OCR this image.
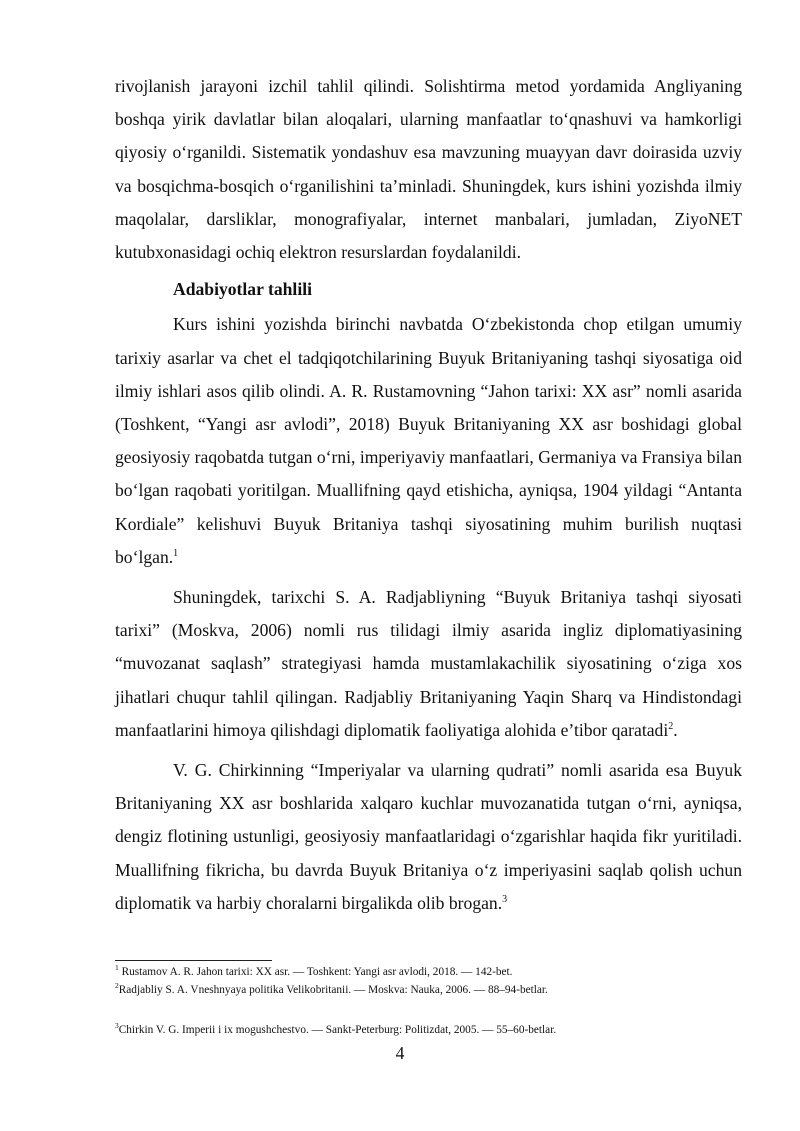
rivojlanish jarayoni izchil tahlil qilindi. Solishtirma metod yordamida Angliyaning boshqa yirik davlatlar bilan aloqalari, ularning manfaatlar to‘qnashuvi va hamkorligi qiyosiy o‘rganildi. Sistematik yondashuv esa mavzuning muayyan davr doirasida uzviy va bosqichma-bosqich o‘rganilishini ta’minladi. Shuningdek, kurs ishini yozishda ilmiy maqolalar, darsliklar, monografiyalar, internet manbalari, jumladan, ZiyoNET kutubxonasidagi ochiq elektron resurslardan foydalanildi.

Adabiyotlar tahlili

Kurs ishini yozishda birinchi navbatda O‘zbekistonda chop etilgan umumiy tarixiy asarlar va chet el tadqiqotchilarining Buyuk Britaniyaning tashqi siyosatiga oid ilmiy ishlari asos qilib olindi. A. R. Rustamovning “Jahon tarixi: XX asr” nomli asarida (Toshkent, “Yangi asr avlodi”, 2018) Buyuk Britaniyaning XX asr boshidagi global geosiyosiy raqobatda tutgan o‘rni, imperiyaviy manfaatlari, Germaniya va Fransiya bilan bo‘lgan raqobati yoritilgan. Muallifning qayd etishicha, ayniqsa, 1904 yildagi “Antanta Kordiale” kelishuvi Buyuk Britaniya tashqi siyosatining muhim burilish nuqtasi bo‘lgan.$^1$

Shuningdek, tarixchi S. A. Radjabliyning “Buyuk Britaniya tashqi siyosati tarixi” (Moskva, 2006) nomli rus tilidagi ilmiy asarida ingliz diplomatiyasining “muvozanat saqlash” strategiyasi hamda mustamlakachilik siyosatining o‘ziga xos jihatlari chuqur tahlil qilingan. Radjabliy Britaniyaning Yaqin Sharq va Hindistondagi manfaatlarini himoya qilishdagi diplomatik faoliyatiga alohida e’tibor qaratadi$^2$.

V. G. Chirkinning “Imperiyalar va ularning qudrati” nomli asarida esa Buyuk Britaniyaning XX asr boshlarida xalqaro kuchlar muvozanatida tutgan o‘rni, ayniqsa, dengiz flotining ustunligi, geosiyosiy manfaatlaridagi o‘zgarishlar haqida fikr yuritiladi. Muallifning fikricha, bu davrda Buyuk Britaniya o‘z imperiyasini saqlab qolish uchun diplomatik va harbiy choralarni birgalikda olib brogan.$^3$

$^1$ Rustamov A. R. Jahon tarixi: XX asr. — Toshkent: Yangi asr avlodi, 2018. — 142-bet.

$^2$Radjabliy S. A. Vneshnyaya politika Velikobritanii. — Moskva: Nauka, 2006. — 88–94-betlar.

$^3$Chirkin V. G. Imperii i ix mogushchestvo. — Sankt-Peterburg: Politizdat, 2005. — 55–60-betlar.

4
